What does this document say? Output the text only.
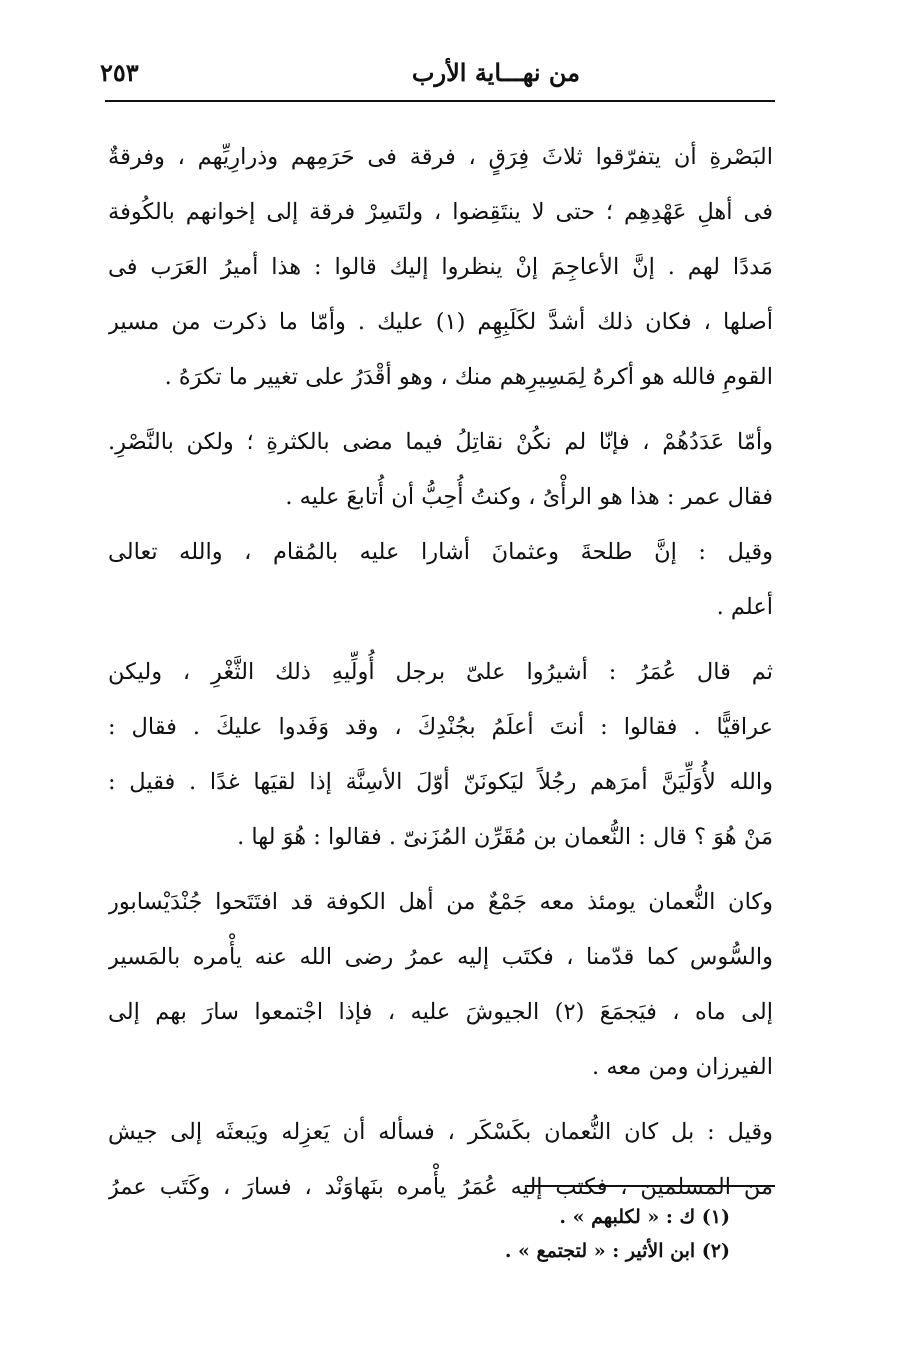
من نهـــاية الأرب
٢٥٣
البَصْرةِ أن يتفرّقوا ثلاثَ فِرَقٍ ، فرقة فى حَرَمِهم وذرارِيِّهم ، وفرقةٌ
فى أهلِ عَهْدِهِم ؛ حتى لا ينتَقِضوا ، ولتَسِرْ فرقة إلى إخوانهم بالكُوفة
مَددًا لهم . إنَّ الأعاجِمَ إنْ ينظروا إليك قالوا : هذا أميرُ العَرَب فى
أصلها ، فكان ذلك أشدَّ لكَلَبِهِم (١) عليك . وأمّا ما ذكرت من مسير
القومِ فالله هو أكرهُ لِمَسِيرِهم منك ، وهو أقْدَرُ على تغيير ما تكرَهُ .
وأمّا عَدَدُهُمْ ، فإنّا لم نكُنْ نقاتِلُ فيما مضى بالكثرةِ ؛ ولكن بالنَّصْرِ.
فقال عمر : هذا هو الرأْىُ ، وكنتُ أُحِبُّ أن أُتابعَ عليه .
وقيل : إنَّ طلحةَ وعثمانَ أشارا عليه بالمُقام ، والله تعالى
أعلم .
ثم قال عُمَرُ : أشيرُوا علىّ برجل أُولِّيهِ ذلك الثَّغْرِ ، وليكن
عراقيًّا . فقالوا : أنتَ أعلَمُ بجُنْدِكَ ، وقد وَفَدوا عليكَ . فقال :
والله لأُوَلِّيَنَّ أمرَهم رجُلاً ليَكونَنّ أوّلَ الأسِنَّة إذا لقيَها غدًا . فقيل :
مَنْ هُوَ ؟ قال : النُّعمان بن مُقَرِّن المُزَنىّ . فقالوا : هُوَ لها .
وكان النُّعمان يومئذ معه جَمْعٌ من أهل الكوفة قد افتَتَحوا جُنْدَيْسابور
والسُّوس كما قدّمنا ، فكتَب إليه عمرُ رضى الله عنه يأْمره بالمَسير
إلى ماه ، فيَجمَعَ (٢) الجيوشَ عليه ، فإذا اجْتمعوا سارَ بهم إلى
الفيرزان ومن معه .
وقيل : بل كان النُّعمان بكَسْكَر ، فسأله أن يَعزِله ويَبعثَه إلى جيش
من المسلمين ، فكتب إليه عُمَرُ يأْمره بنَهاوَنْد ، فسارَ ، وكَتَب عمرُ
(١) ك : « لكلبهم » .
(٢) ابن الأثير : « لتجتمع » .
